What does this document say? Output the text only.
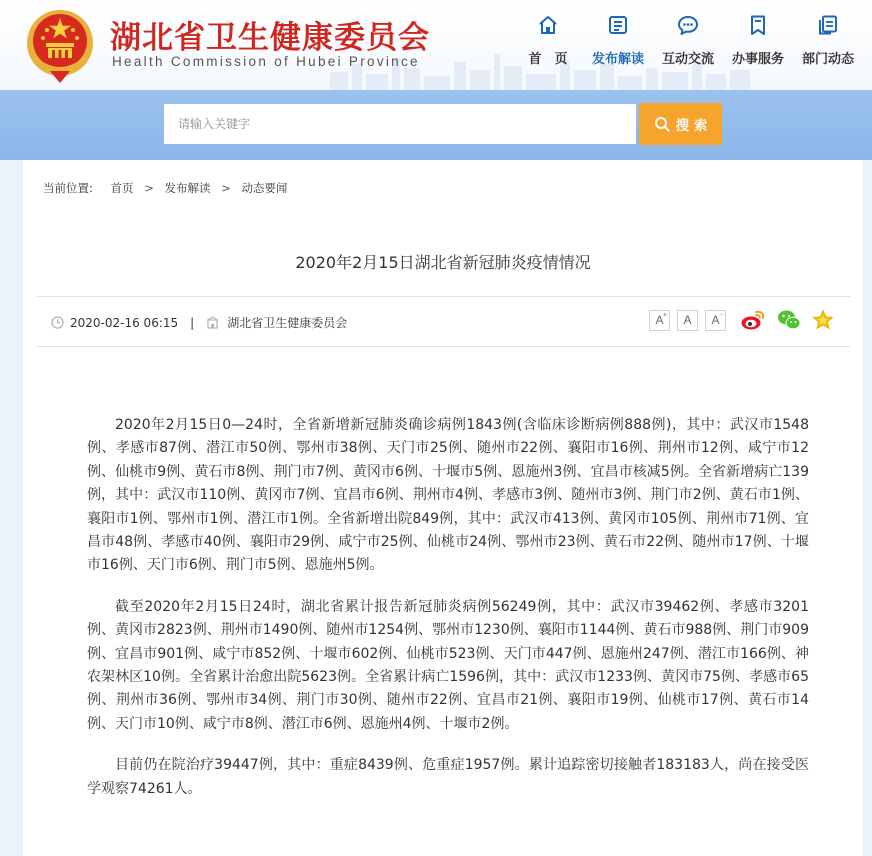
湖北省卫生健康委员会
Health Commission of Hubei Province	首　页	发布解读	互动交流	办事服务	部门动态
请输入关键字
搜 索
当前位置: 首页 > 发布解读 > 动态要闻
2020年2月15日湖北省新冠肺炎疫情情况
2020-02-16 06:15 |	湖北省卫生健康委员会	A+ A A-

2020年2月15日0—24时，全省新增新冠肺炎确诊病例1843例(含临床诊断病例888例)，其中：武汉市1548例、孝感市87例、潜江市50例、鄂州市38例、天门市25例、随州市22例、襄阳市16例、荆州市12例、咸宁市12例、仙桃市9例、黄石市8例、荆门市7例、黄冈市6例、十堰市5例、恩施州3例、宜昌市核减5例。全省新增病亡139例，其中：武汉市110例、黄冈市7例、宜昌市6例、荆州市4例、孝感市3例、随州市3例、荆门市2例、黄石市1例、襄阳市1例、鄂州市1例、潜江市1例。全省新增出院849例，其中：武汉市413例、黄冈市105例、荆州市71例、宜昌市48例、孝感市40例、襄阳市29例、咸宁市25例、仙桃市24例、鄂州市23例、黄石市22例、随州市17例、十堰市16例、天门市6例、荆门市5例、恩施州5例。

截至2020年2月15日24时，湖北省累计报告新冠肺炎病例56249例，其中：武汉市39462例、孝感市3201例、黄冈市2823例、荆州市1490例、随州市1254例、鄂州市1230例、襄阳市1144例、黄石市988例、荆门市909例、宜昌市901例、咸宁市852例、十堰市602例、仙桃市523例、天门市447例、恩施州247例、潜江市166例、神农架林区10例。全省累计治愈出院5623例。全省累计病亡1596例，其中：武汉市1233例、黄冈市75例、孝感市65例、荆州市36例、鄂州市34例、荆门市30例、随州市22例、宜昌市21例、襄阳市19例、仙桃市17例、黄石市14例、天门市10例、咸宁市8例、潜江市6例、恩施州4例、十堰市2例。

目前仍在院治疗39447例，其中：重症8439例、危重症1957例。累计追踪密切接触者183183人，尚在接受医学观察74261人。
